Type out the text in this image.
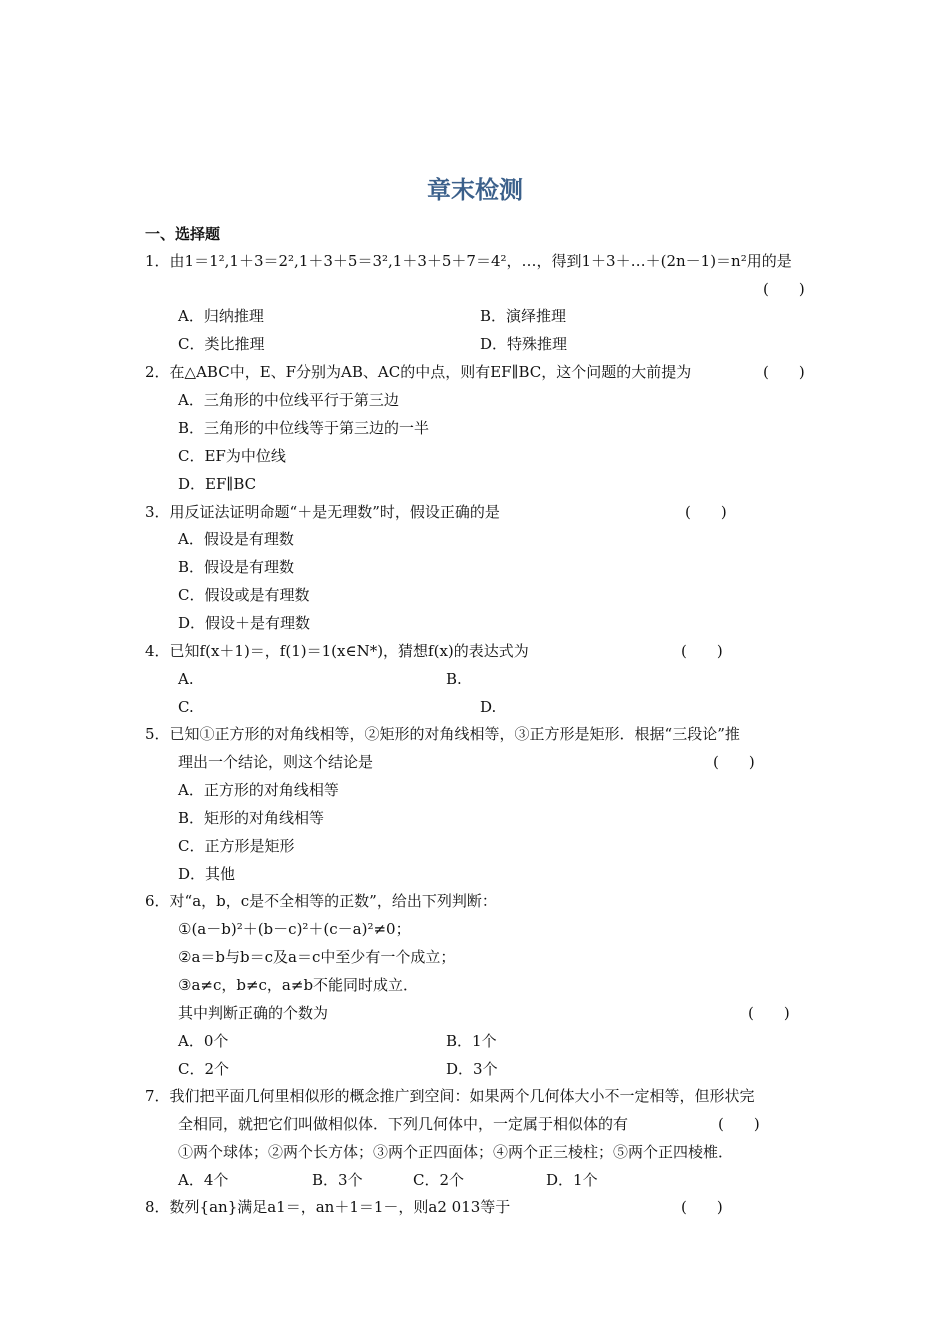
章末检测
一、选择题
1．由1＝1²,1＋3＝2²,1＋3＋5＝3²,1＋3＋5＋7＝4²，…，得到1＋3＋…＋(2n－1)＝n²用的是
(　　)
A．归纳推理	B．演绎推理
C．类比推理	D．特殊推理
2．在△ABC中，E、F分别为AB、AC的中点，则有EF∥BC，这个问题的大前提为	(　　)
A．三角形的中位线平行于第三边
B．三角形的中位线等于第三边的一半
C．EF为中位线
D．EF∥BC
3．用反证法证明命题“＋是无理数”时，假设正确的是	(　　)
A．假设是有理数
B．假设是有理数
C．假设或是有理数
D．假设＋是有理数
4．已知f(x＋1)＝，f(1)＝1(x∈N*)，猜想f(x)的表达式为	(　　)
A.	B.
C.	D.
5．已知①正方形的对角线相等，②矩形的对角线相等，③正方形是矩形．根据“三段论”推
理出一个结论，则这个结论是	(　　)
A．正方形的对角线相等
B．矩形的对角线相等
C．正方形是矩形
D．其他
6．对“a，b，c是不全相等的正数”，给出下列判断：
①(a－b)²＋(b－c)²＋(c－a)²≠0；
②a＝b与b＝c及a＝c中至少有一个成立；
③a≠c，b≠c，a≠b不能同时成立．
其中判断正确的个数为	(　　)
A．0个	B．1个
C．2个	D．3个
7．我们把平面几何里相似形的概念推广到空间：如果两个几何体大小不一定相等，但形状完
全相同，就把它们叫做相似体．下列几何体中，一定属于相似体的有	(　　)
①两个球体；②两个长方体；③两个正四面体；④两个正三棱柱；⑤两个正四棱椎．
A．4个	B．3个	C．2个	D．1个
8．数列{an}满足a1＝，an＋1＝1－，则a2 013等于	(　　)
